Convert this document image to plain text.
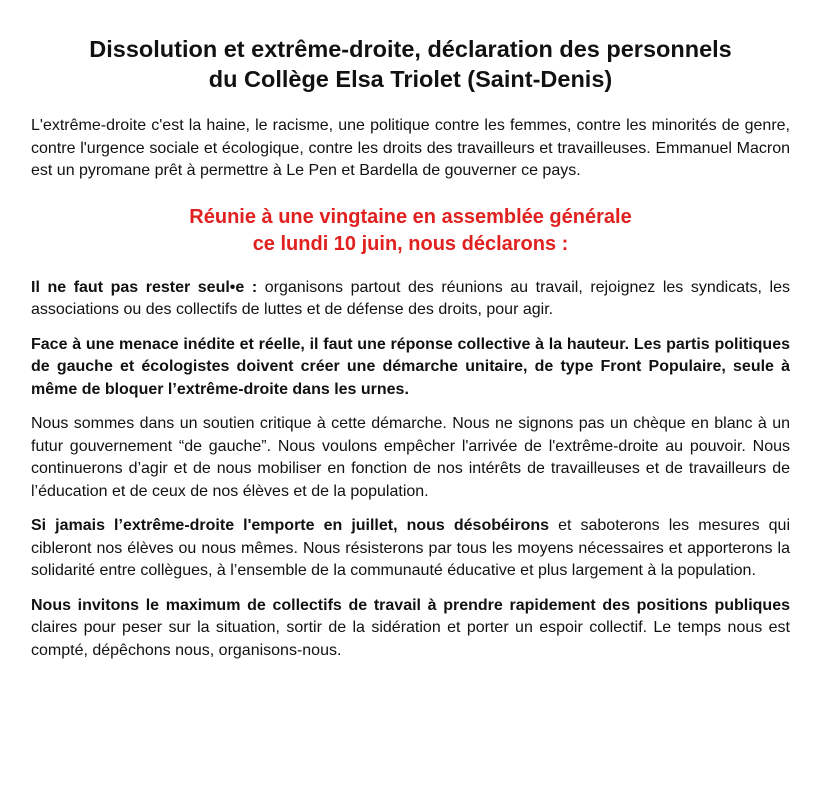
Dissolution et extrême-droite, déclaration des personnels
du Collège Elsa Triolet (Saint-Denis)

L'extrême-droite c'est la haine, le racisme, une politique contre les femmes, contre les minorités de genre, contre l'urgence sociale et écologique, contre les droits des travailleurs et travailleuses. Emmanuel Macron est un pyromane prêt à permettre à Le Pen et Bardella de gouverner ce pays.

Réunie à une vingtaine en assemblée générale
ce lundi 10 juin, nous déclarons :

Il ne faut pas rester seul•e : organisons partout des réunions au travail, rejoignez les syndicats, les associations ou des collectifs de luttes et de défense des droits, pour agir.

Face à une menace inédite et réelle, il faut une réponse collective à la hauteur. Les partis politiques de gauche et écologistes doivent créer une démarche unitaire, de type Front Populaire, seule à même de bloquer l’extrême-droite dans les urnes.

Nous sommes dans un soutien critique à cette démarche. Nous ne signons pas un chèque en blanc à un futur gouvernement “de gauche”. Nous voulons empêcher l'arrivée de l'extrême-droite au pouvoir. Nous continuerons d’agir et de nous mobiliser en fonction de nos intérêts de travailleuses et de travailleurs de l’éducation et de ceux de nos élèves et de la population.

Si jamais l’extrême-droite l'emporte en juillet, nous désobéirons et saboterons les mesures qui cibleront nos élèves ou nous mêmes. Nous résisterons par tous les moyens nécessaires et apporterons la solidarité entre collègues, à l’ensemble de la communauté éducative et plus largement à la population.

Nous invitons le maximum de collectifs de travail à prendre rapidement des positions publiques claires pour peser sur la situation, sortir de la sidération et porter un espoir collectif. Le temps nous est compté, dépêchons nous, organisons-nous.
